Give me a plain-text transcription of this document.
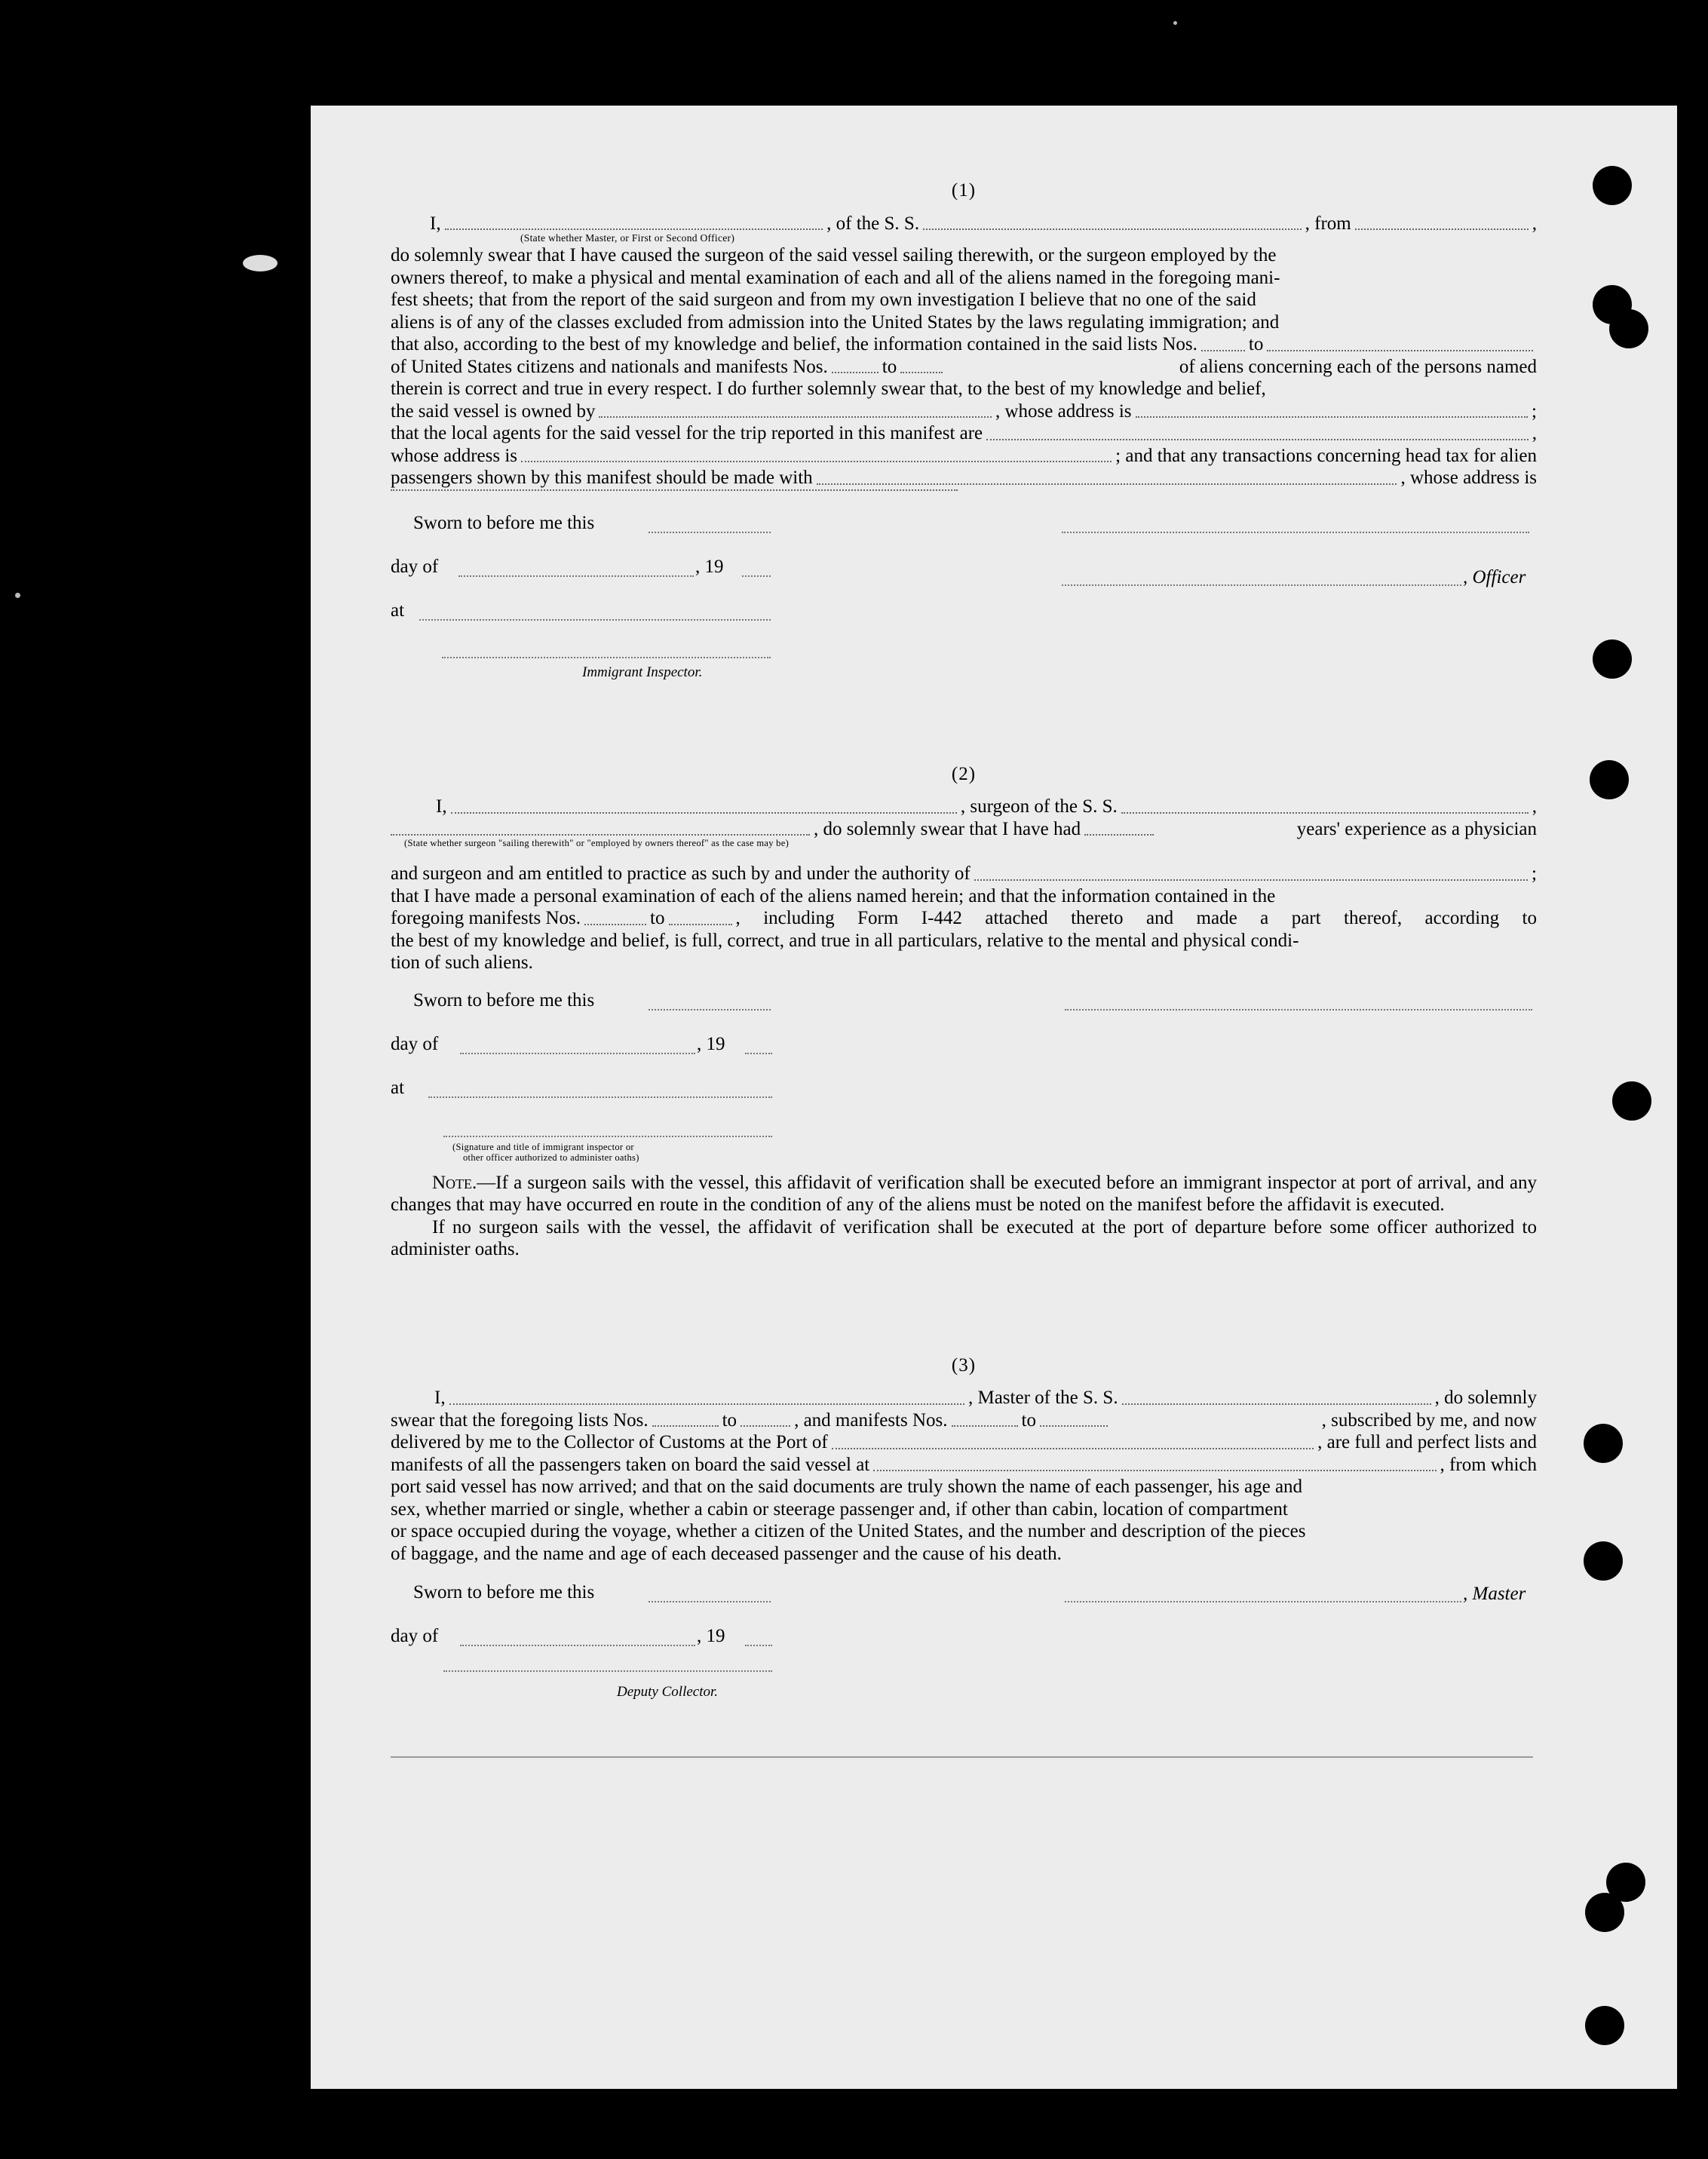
(1)
I,	, of the S. S.	, from	,
(State whether Master, or First or Second Officer)
do solemnly swear that I have caused the surgeon of the said vessel sailing therewith, or the surgeon employed by the
owners thereof, to make a physical and mental examination of each and all of the aliens named in the foregoing mani-
fest sheets; that from the report of the said surgeon and from my own investigation I believe that no one of the said
aliens is of any of the classes excluded from admission into the United States by the laws regulating immigration; and
that also, according to the best of my knowledge and belief, the information contained in the said lists Nos.	to
of United States citizens and nationals and manifests Nos.	to	of aliens concerning each of the persons named
therein is correct and true in every respect. I do further solemnly swear that, to the best of my knowledge and belief,
the said vessel is owned by	, whose address is	;
that the local agents for the said vessel for the trip reported in this manifest are	,
whose address is	; and that any transactions concerning head tax for alien
passengers shown by this manifest should be made with	, whose address is
Sworn to before me this
day of	, 19
, Officer
at
Immigrant Inspector.
(2)
I,	, surgeon of the S. S.	,
, do solemnly swear that I have had	years' experience as a physician
(State whether surgeon "sailing therewith" or "employed by owners thereof" as the case may be)
and surgeon and am entitled to practice as such by and under the authority of	;
that I have made a personal examination of each of the aliens named herein; and that the information contained in the
foregoing manifests Nos.	to	, including Form I-442 attached thereto and made a part thereof, according to
the best of my knowledge and belief, is full, correct, and true in all particulars, relative to the mental and physical condi-
tion of such aliens.
Sworn to before me this
day of	, 19
at
(Signature and title of immigrant inspector or
other officer authorized to administer oaths)
Note.—If a surgeon sails with the vessel, this affidavit of verification shall be executed before an immigrant inspector at port of arrival, and any changes that may have occurred en route in the condition of any of the aliens must be noted on the manifest before the affidavit is executed.
If no surgeon sails with the vessel, the affidavit of verification shall be executed at the port of departure before some officer authorized to administer oaths.
(3)
I,	, Master of the S. S.	, do solemnly
swear that the foregoing lists Nos.	to	, and manifests Nos.	to	, subscribed by me, and now
delivered by me to the Collector of Customs at the Port of	, are full and perfect lists and
manifests of all the passengers taken on board the said vessel at	, from which
port said vessel has now arrived; and that on the said documents are truly shown the name of each passenger, his age and
sex, whether married or single, whether a cabin or steerage passenger and, if other than cabin, location of compartment
or space occupied during the voyage, whether a citizen of the United States, and the number and description of the pieces
of baggage, and the name and age of each deceased passenger and the cause of his death.
Sworn to before me this	, Master
day of	, 19
Deputy Collector.
